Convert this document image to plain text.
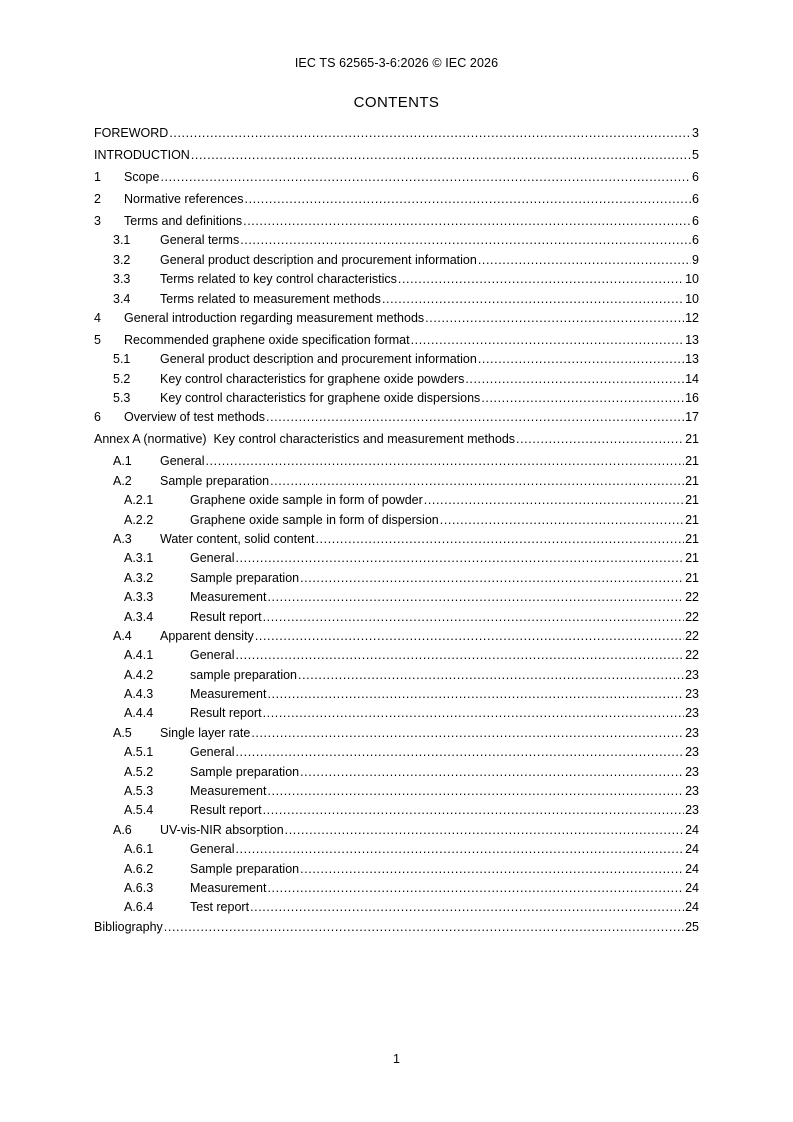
IEC TS 62565-3-6:2026 © IEC 2026
CONTENTS
FOREWORD .....	3
INTRODUCTION .....	5
1 Scope .....	6
2 Normative references .....	6
3 Terms and definitions .....	6
3.1 General terms .....	6
3.2 General product description and procurement information .....	9
3.3 Terms related to key control characteristics .....	10
3.4 Terms related to measurement methods .....	10
4 General introduction regarding measurement methods .....	12
5 Recommended graphene oxide specification format .....	13
5.1 General product description and procurement information .....	13
5.2 Key control characteristics for graphene oxide powders .....	14
5.3 Key control characteristics for graphene oxide dispersions .....	16
6 Overview of test methods .....	17
Annex A (normative)  Key control characteristics and measurement methods .....	21
A.1 General .....	21
A.2 Sample preparation .....	21
A.2.1	Graphene oxide sample in form of powder .....	21
A.2.2	Graphene oxide sample in form of dispersion .....	21
A.3 Water content, solid content .....	21
A.3.1	General .....	21
A.3.2	Sample preparation .....	21
A.3.3	Measurement .....	22
A.3.4	Result report .....	22
A.4 Apparent density .....	22
A.4.1	General .....	22
A.4.2	sample preparation .....	23
A.4.3	Measurement .....	23
A.4.4	Result report .....	23
A.5 Single layer rate .....	23
A.5.1	General .....	23
A.5.2	Sample preparation .....	23
A.5.3	Measurement .....	23
A.5.4	Result report .....	23
A.6 UV-vis-NIR absorption .....	24
A.6.1	General .....	24
A.6.2	Sample preparation .....	24
A.6.3	Measurement .....	24
A.6.4	Test report .....	24
Bibliography .....	25
1
